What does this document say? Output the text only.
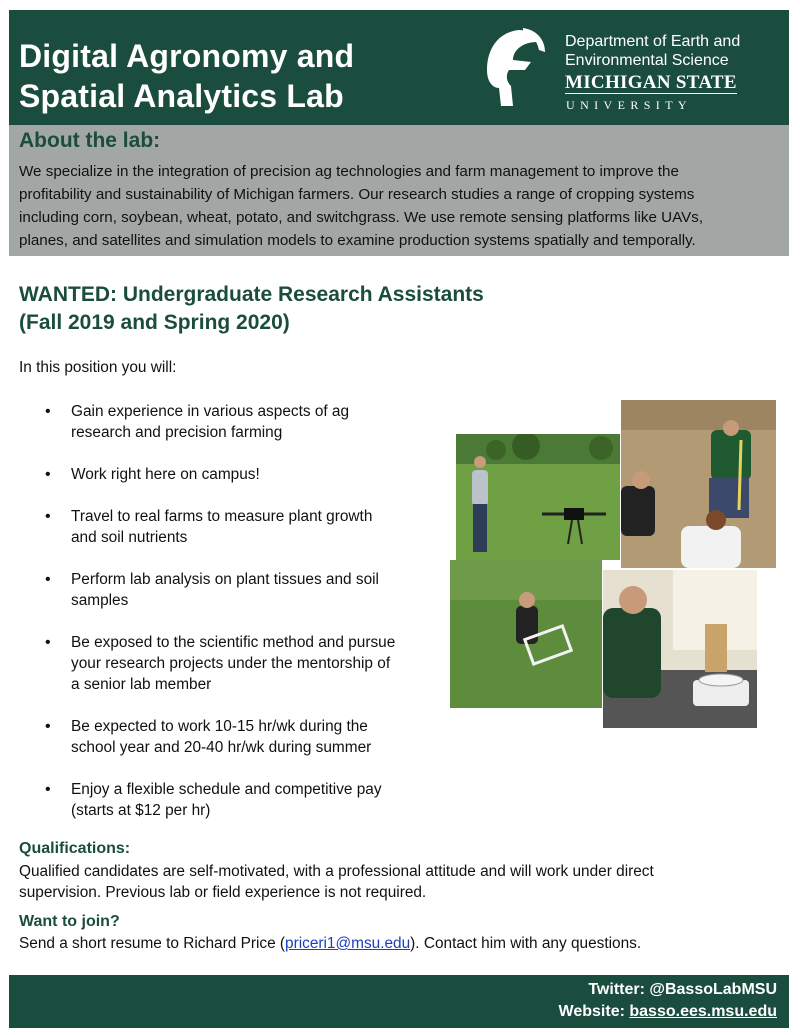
Digital Agronomy and
Spatial Analytics Lab
Department of Earth and
Environmental Science
MICHIGAN STATE
UNIVERSITY
About the lab:

We specialize in the integration of precision ag technologies and farm management to improve the
profitability and sustainability of Michigan farmers. Our research studies a range of cropping systems
including corn, soybean, wheat, potato, and switchgrass. We use remote sensing platforms like UAVs,
planes, and satellites and simulation models to examine production systems spatially and temporally.

WANTED: Undergraduate Research Assistants
(Fall 2019 and Spring 2020)

In this position you will:

• Gain experience in various aspects of ag
research and precision farming
• Work right here on campus!
• Travel to real farms to measure plant growth
and soil nutrients
• Perform lab analysis on plant tissues and soil
samples
• Be exposed to the scientific method and pursue
your research projects under the mentorship of
a senior lab member
• Be expected to work 10-15 hr/wk during the
school year and 20-40 hr/wk during summer
• Enjoy a flexible schedule and competitive pay
(starts at $12 per hr)
Qualifications:

Qualified candidates are self-motivated, with a professional attitude and will work under direct
supervision. Previous lab or field experience is not required.

Want to join?

Send a short resume to Richard Price (priceri1@msu.edu). Contact him with any questions.

Twitter: @BassoLabMSU
Website: basso.ees.msu.edu
